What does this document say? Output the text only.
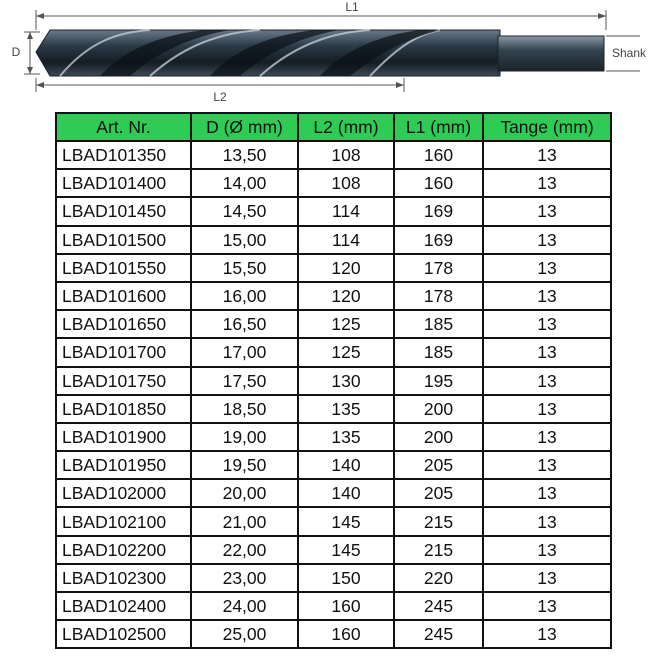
L1
D	Shank
L2
Art. Nr.	D (Ø mm)	L2 (mm)	L1 (mm)	Tange (mm)
LBAD101350	13,50	108	160	13
LBAD101400	14,00	108	160	13
LBAD101450	14,50	114	169	13
LBAD101500	15,00	114	169	13
LBAD101550	15,50	120	178	13
LBAD101600	16,00	120	178	13
LBAD101650	16,50	125	185	13
LBAD101700	17,00	125	185	13
LBAD101750	17,50	130	195	13
LBAD101850	18,50	135	200	13
LBAD101900	19,00	135	200	13
LBAD101950	19,50	140	205	13
LBAD102000	20,00	140	205	13
LBAD102100	21,00	145	215	13
LBAD102200	22,00	145	215	13
LBAD102300	23,00	150	220	13
LBAD102400	24,00	160	245	13
LBAD102500	25,00	160	245	13
